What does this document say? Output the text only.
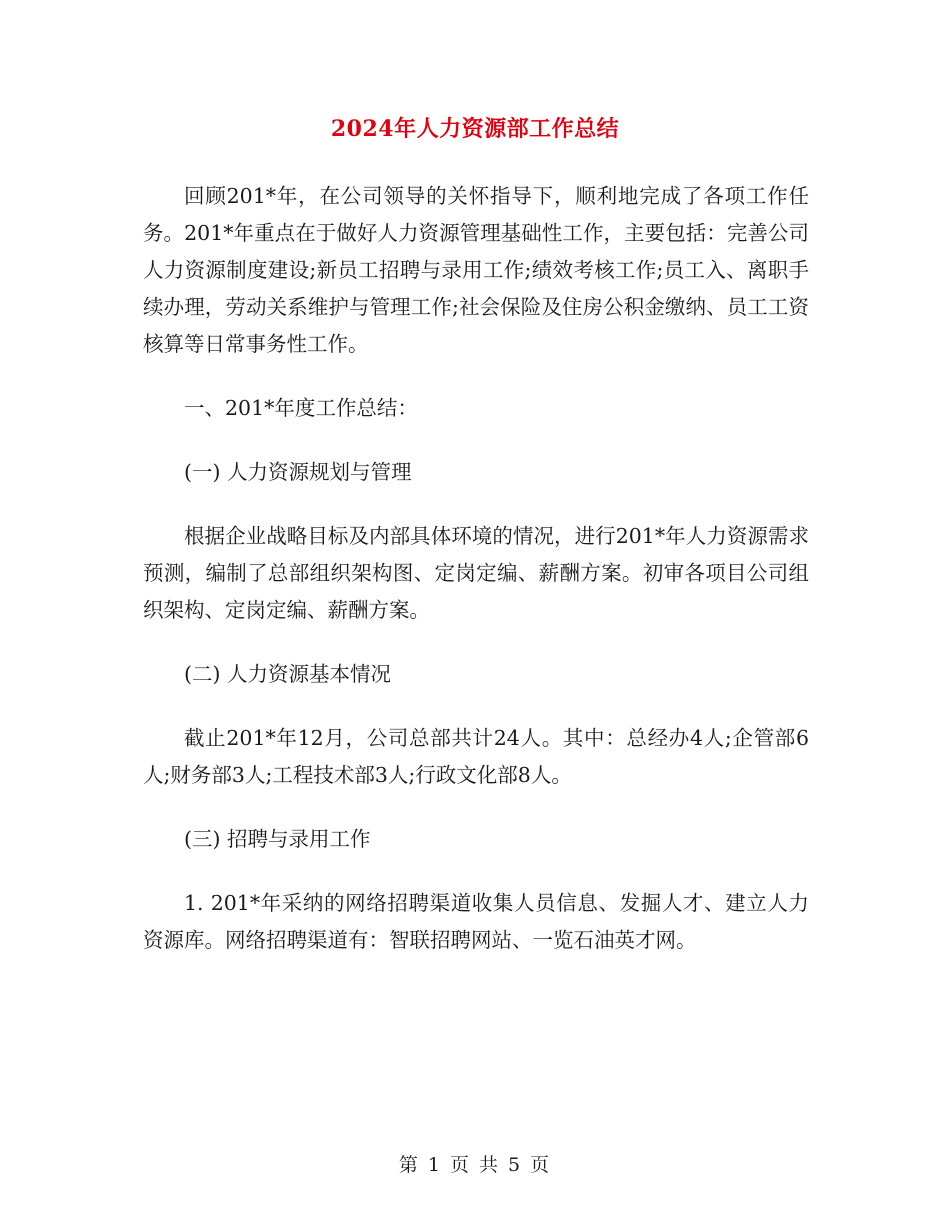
2024年人力资源部工作总结

回顾201*年，在公司领导的关怀指导下，顺利地完成了各项工作任务。201*年重点在于做好人力资源管理基础性工作，主要包括：完善公司人力资源制度建设;新员工招聘与录用工作;绩效考核工作;员工入、离职手续办理，劳动关系维护与管理工作;社会保险及住房公积金缴纳、员工工资核算等日常事务性工作。

一、201*年度工作总结：

(一) 人力资源规划与管理

根据企业战略目标及内部具体环境的情况，进行201*年人力资源需求预测，编制了总部组织架构图、定岗定编、薪酬方案。初审各项目公司组织架构、定岗定编、薪酬方案。

(二) 人力资源基本情况

截止201*年12月，公司总部共计24人。其中：总经办4人;企管部6人;财务部3人;工程技术部3人;行政文化部8人。

(三) 招聘与录用工作

1. 201*年采纳的网络招聘渠道收集人员信息、发掘人才、建立人力资源库。网络招聘渠道有：智联招聘网站、一览石油英才网。

第 1 页 共 5 页
